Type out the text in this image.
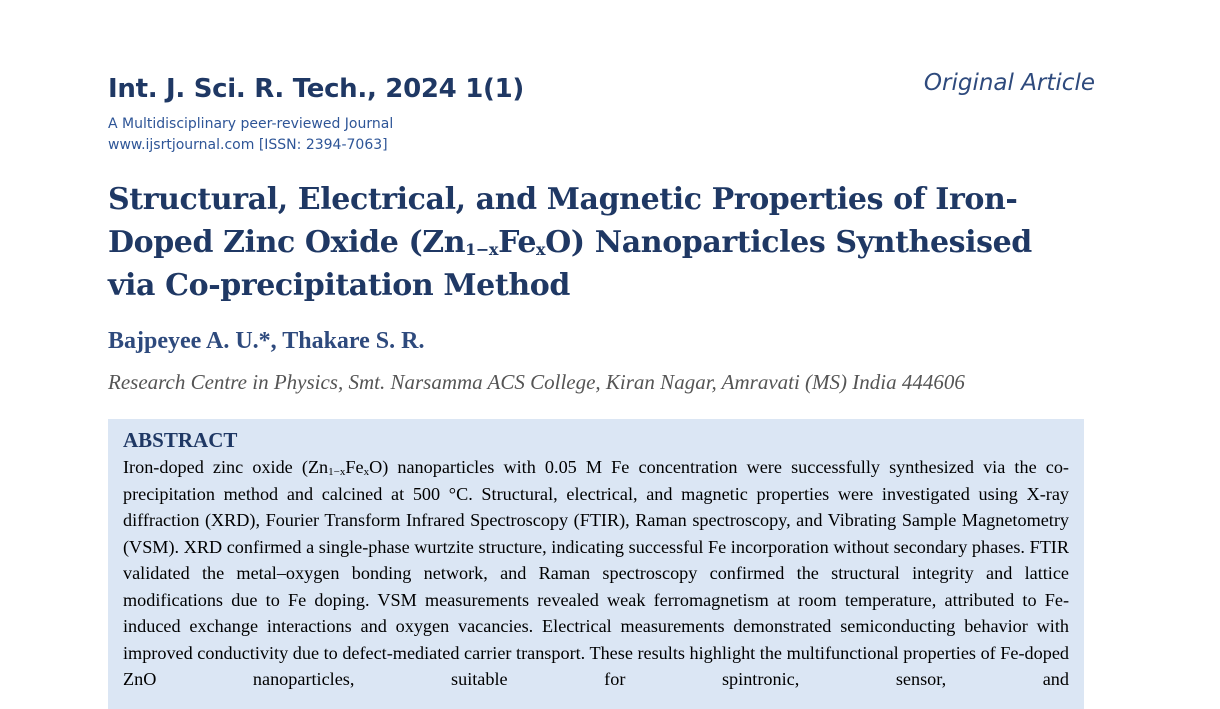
Int. J. Sci. R. Tech., 2024 1(1)	Original Article
A Multidisciplinary peer-reviewed Journal
www.ijsrtjournal.com [ISSN: 2394-7063]
Structural, Electrical, and Magnetic Properties of Iron-
Doped Zinc Oxide $(Zn_{1-x}Fe_xO)$ Nanoparticles Synthesised
via Co-precipitation Method
Bajpeyee A. U.*, Thakare S. R.
Research Centre in Physics, Smt. Narsamma ACS College, Kiran Nagar, Amravati (MS) India 444606
ABSTRACT

Iron-doped zinc oxide $(Zn_{1-x}Fe_xO)$ nanoparticles with 0.05 M Fe concentration were successfully synthesized via the co-precipitation method and calcined at 500 °C. Structural, electrical, and magnetic properties were investigated using X-ray diffraction (XRD), Fourier Transform Infrared Spectroscopy (FTIR), Raman spectroscopy, and Vibrating Sample Magnetometry (VSM). XRD confirmed a single-phase wurtzite structure, indicating successful Fe incorporation without secondary phases. FTIR validated the metal–oxygen bonding network, and Raman spectroscopy confirmed the structural integrity and lattice modifications due to Fe doping. VSM measurements revealed weak ferromagnetism at room temperature, attributed to Fe-induced exchange interactions and oxygen vacancies. Electrical measurements demonstrated semiconducting behavior with improved conductivity due to defect-mediated carrier transport. These results highlight the multifunctional properties of Fe-doped ZnO nanoparticles, suitable for spintronic, sensor, and
